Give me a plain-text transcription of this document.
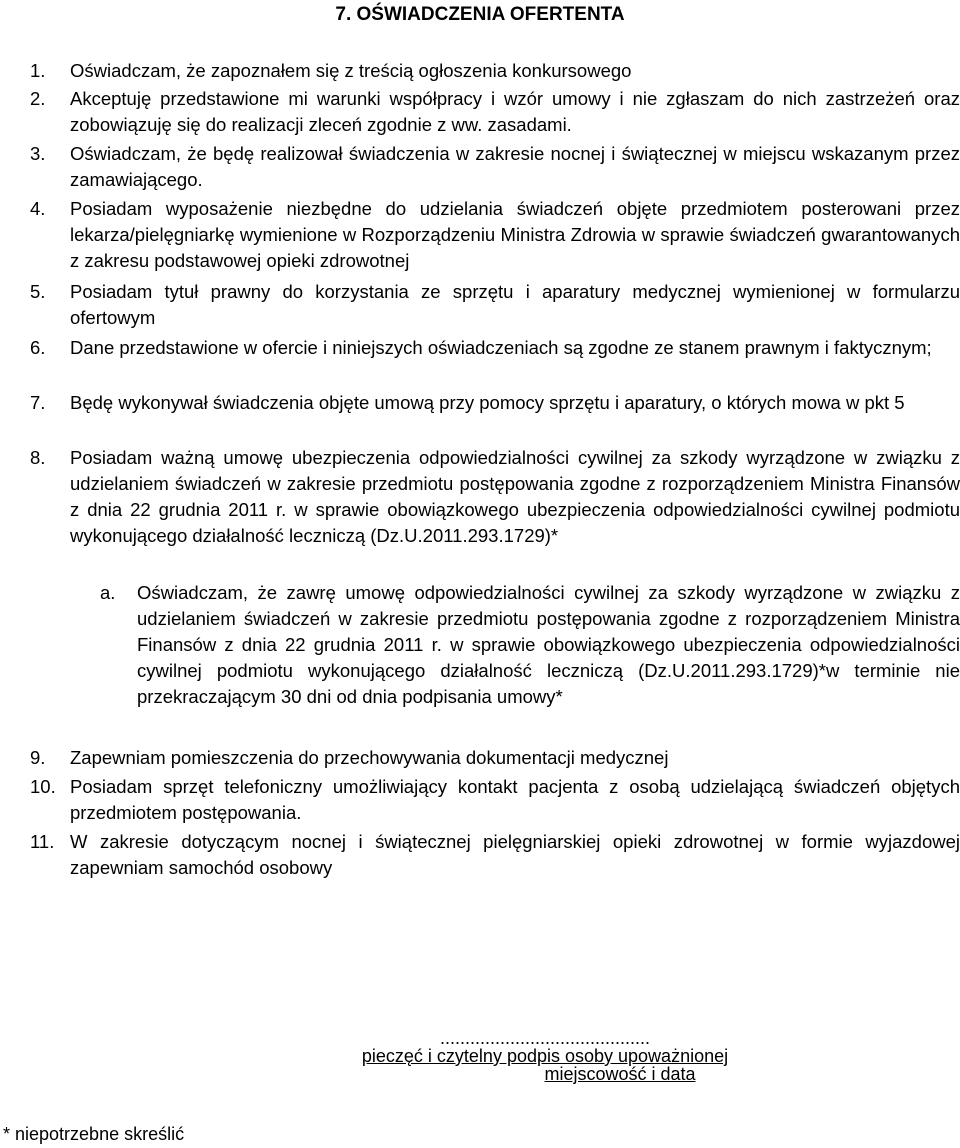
7. OŚWIADCZENIA OFERTENTA
1. Oświadczam, że zapoznałem się z treścią ogłoszenia konkursowego
2. Akceptuję przedstawione mi warunki współpracy i wzór umowy i nie zgłaszam do nich zastrzeżeń oraz zobowiązuję się do realizacji zleceń zgodnie z ww. zasadami.
3. Oświadczam, że będę realizował świadczenia w zakresie nocnej i świątecznej w miejscu wskazanym przez zamawiającego.
4. Posiadam wyposażenie niezbędne do udzielania świadczeń objęte przedmiotem posterowani przez lekarza/pielęgniarkę wymienione w Rozporządzeniu Ministra Zdrowia w sprawie świadczeń gwarantowanych z zakresu podstawowej opieki zdrowotnej
5. Posiadam tytuł prawny do korzystania ze sprzętu i aparatury medycznej wymienionej w formularzu ofertowym
6. Dane przedstawione w ofercie i niniejszych oświadczeniach są zgodne ze stanem prawnym i faktycznym;
7. Będę wykonywał świadczenia objęte umową przy pomocy sprzętu i aparatury, o których mowa w pkt 5
8. Posiadam ważną umowę ubezpieczenia odpowiedzialności cywilnej za szkody wyrządzone w związku z udzielaniem świadczeń w zakresie przedmiotu postępowania zgodne z rozporządzeniem Ministra Finansów z dnia 22 grudnia 2011 r. w sprawie obowiązkowego ubezpieczenia odpowiedzialności cywilnej podmiotu wykonującego działalność leczniczą (Dz.U.2011.293.1729)*
a. Oświadczam, że zawrę umowę odpowiedzialności cywilnej za szkody wyrządzone w związku z udzielaniem świadczeń w zakresie przedmiotu postępowania zgodne z rozporządzeniem Ministra Finansów z dnia 22 grudnia 2011 r. w sprawie obowiązkowego ubezpieczenia odpowiedzialności cywilnej podmiotu wykonującego działalność leczniczą (Dz.U.2011.293.1729)*w terminie nie przekraczającym 30 dni od dnia podpisania umowy*
9. Zapewniam pomieszczenia do przechowywania dokumentacji medycznej
10. Posiadam sprzęt telefoniczny umożliwiający kontakt pacjenta z osobą udzielającą świadczeń objętych przedmiotem postępowania.
11. W zakresie dotyczącym nocnej i świątecznej pielęgniarskiej opieki zdrowotnej w formie wyjazdowej zapewniam samochód osobowy
..........................................
pieczęć i czytelny podpis osoby upoważnionej
miejscowość i data
* niepotrzebne skreślić
